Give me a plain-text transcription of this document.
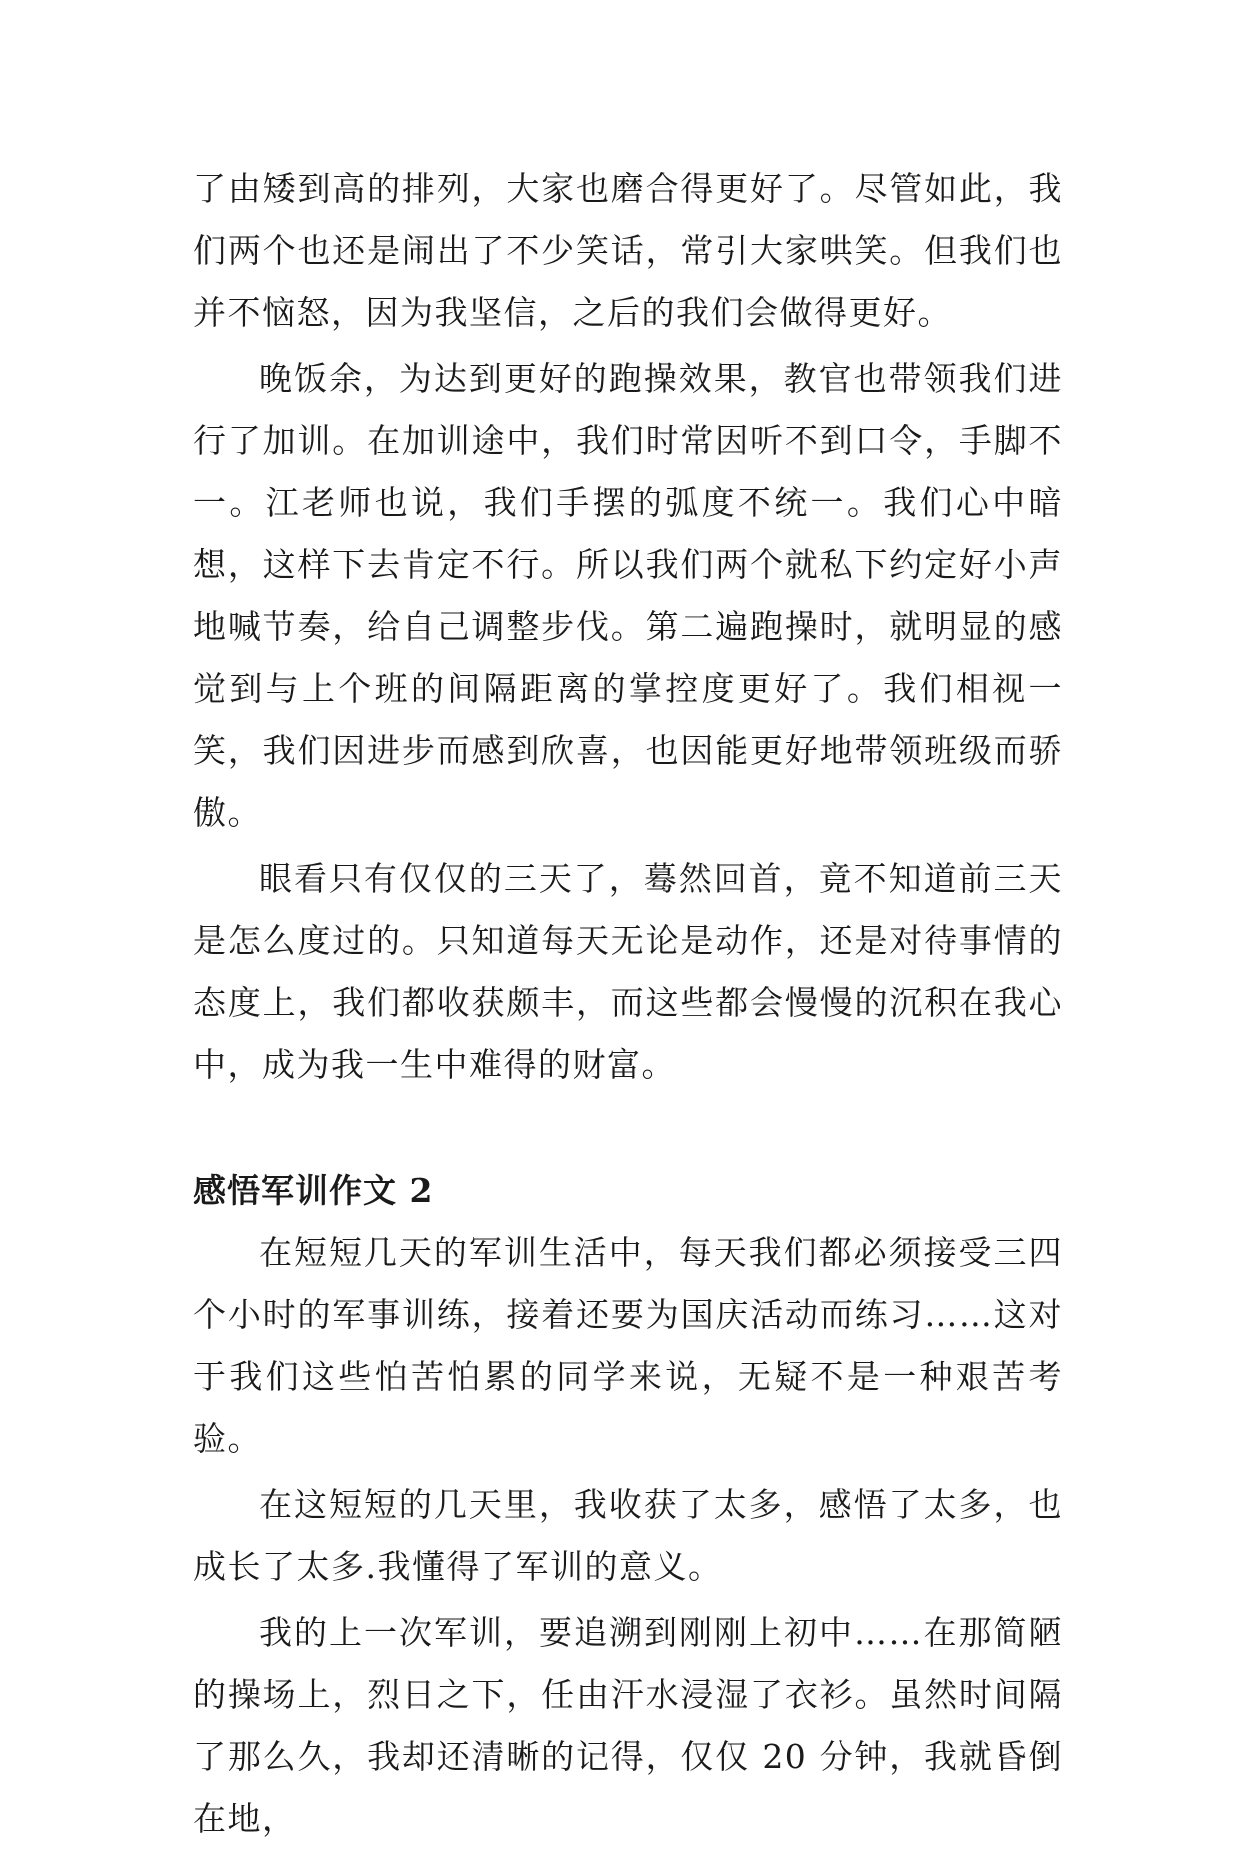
了由矮到高的排列，大家也磨合得更好了。尽管如此，我们两个也还是闹出了不少笑话，常引大家哄笑。但我们也并不恼怒，因为我坚信，之后的我们会做得更好。

晚饭余，为达到更好的跑操效果，教官也带领我们进行了加训。在加训途中，我们时常因听不到口令，手脚不一。江老师也说，我们手摆的弧度不统一。我们心中暗想，这样下去肯定不行。所以我们两个就私下约定好小声地喊节奏，给自己调整步伐。第二遍跑操时，就明显的感觉到与上个班的间隔距离的掌控度更好了。我们相视一笑，我们因进步而感到欣喜，也因能更好地带领班级而骄傲。

眼看只有仅仅的三天了，蓦然回首，竟不知道前三天是怎么度过的。只知道每天无论是动作，还是对待事情的态度上，我们都收获颇丰，而这些都会慢慢的沉积在我心中，成为我一生中难得的财富。

感悟军训作文 2

在短短几天的军训生活中，每天我们都必须接受三四个小时的军事训练，接着还要为国庆活动而练习……这对于我们这些怕苦怕累的同学来说，无疑不是一种艰苦考验。

在这短短的几天里，我收获了太多，感悟了太多，也成长了太多.我懂得了军训的意义。

我的上一次军训，要追溯到刚刚上初中……在那简陋的操场上，烈日之下，任由汗水浸湿了衣衫。虽然时间隔了那么久，我却还清晰的记得，仅仅 20 分钟，我就昏倒在地，
